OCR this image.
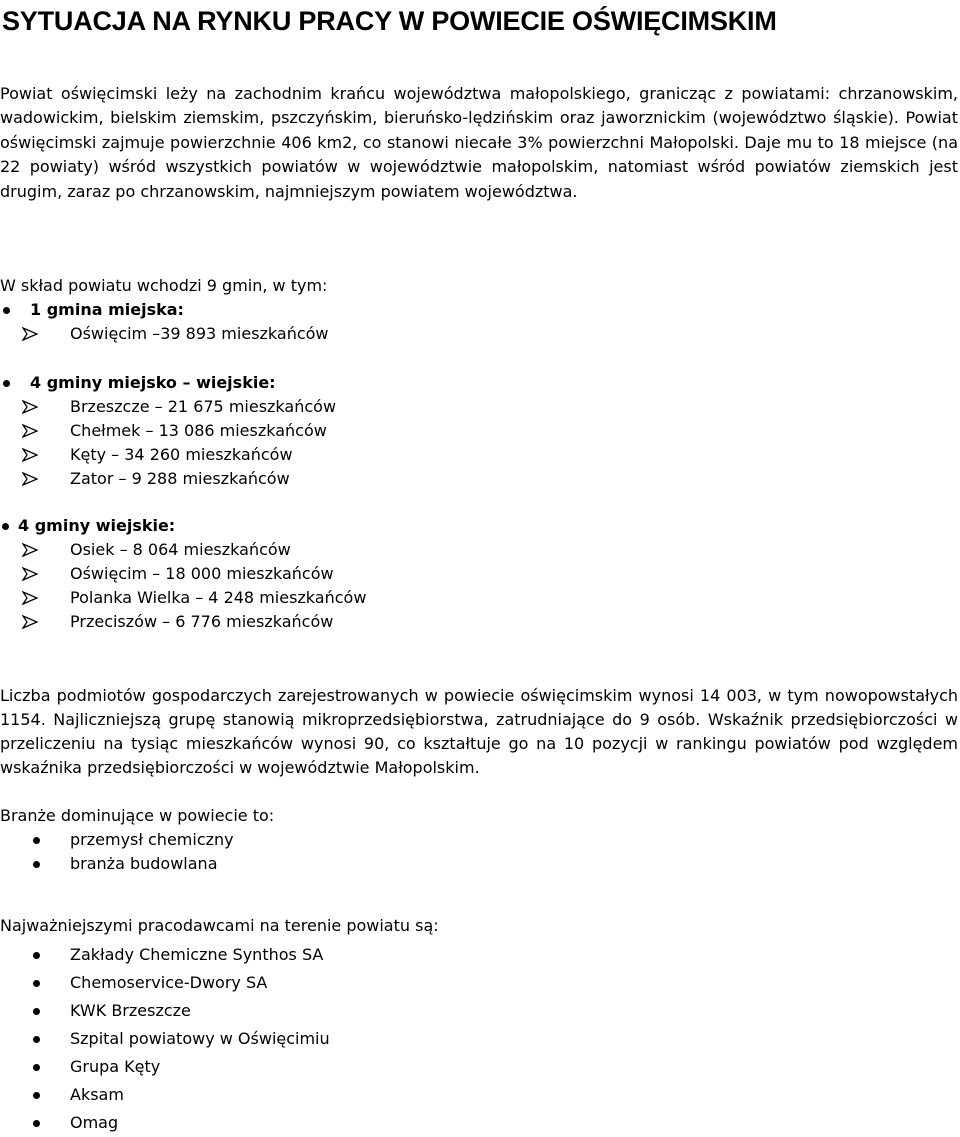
SYTUACJA NA RYNKU PRACY W POWIECIE OŚWIĘCIMSKIM

Powiat oświęcimski leży na zachodnim krańcu województwa małopolskiego, granicząc z powiatami: chrzanowskim, wadowickim, bielskim ziemskim, pszczyńskim, bieruńsko-lędzińskim oraz jaworznickim (województwo śląskie). Powiat oświęcimski zajmuje powierzchnie 406 km2, co stanowi niecałe 3% powierzchni Małopolski. Daje mu to 18 miejsce (na 22 powiaty) wśród wszystkich powiatów w województwie małopolskim, natomiast wśród powiatów ziemskich jest drugim, zaraz po chrzanowskim, najmniejszym powiatem województwa.

W skład powiatu wchodzi 9 gmin, w tym:

1 gmina miejska:
Oświęcim –39 893 mieszkańców
4 gminy miejsko – wiejskie:
Brzeszcze – 21 675 mieszkańców
Chełmek – 13 086 mieszkańców
Kęty – 34 260 mieszkańców
Zator – 9 288 mieszkańców
4 gminy wiejskie:
Osiek – 8 064 mieszkańców
Oświęcim – 18 000 mieszkańców
Polanka Wielka – 4 248 mieszkańców
Przeciszów – 6 776 mieszkańców

Liczba podmiotów gospodarczych zarejestrowanych w powiecie oświęcimskim wynosi 14 003, w tym nowopowstałych 1154. Najliczniejszą grupę stanowią mikroprzedsiębiorstwa, zatrudniające do 9 osób. Wskaźnik przedsiębiorczości w przeliczeniu na tysiąc mieszkańców wynosi 90, co kształtuje go na 10 pozycji w rankingu powiatów pod względem wskaźnika przedsiębiorczości w województwie Małopolskim.

Branże dominujące w powiecie to:

przemysł chemiczny
branża budowlana

Najważniejszymi pracodawcami na terenie powiatu są:

Zakłady Chemiczne Synthos SA
Chemoservice-Dwory SA
KWK Brzeszcze
Szpital powiatowy w Oświęcimiu
Grupa Kęty
Aksam
Omag
